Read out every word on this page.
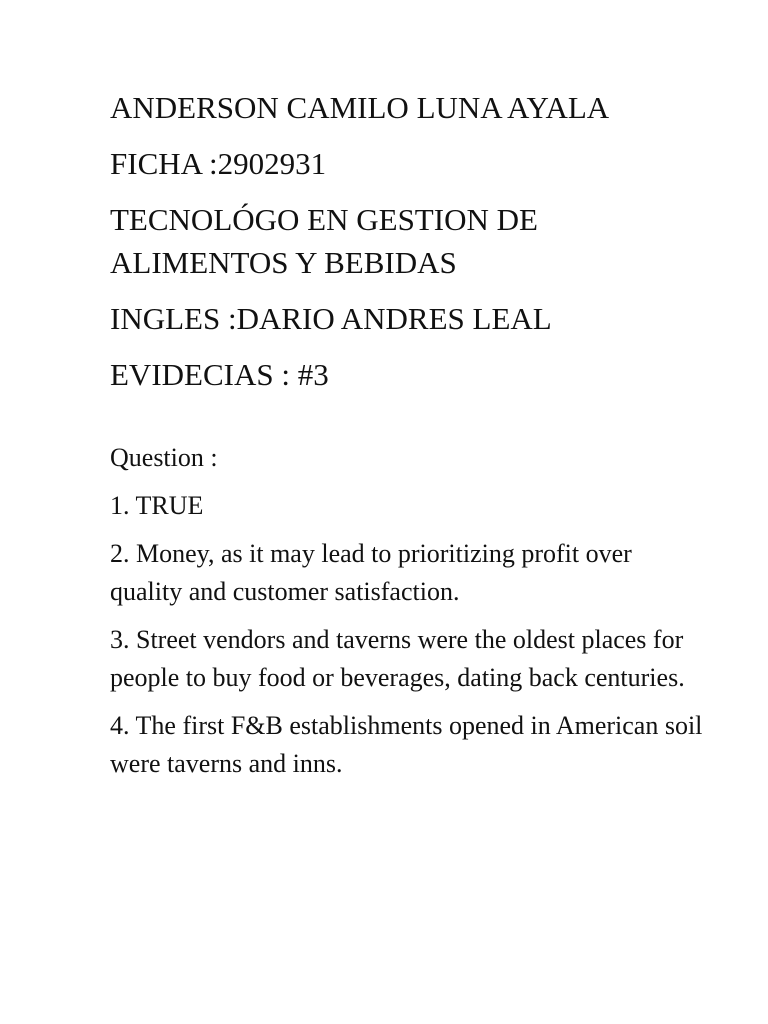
ANDERSON CAMILO LUNA AYALA

FICHA :2902931

TECNOLÓGO EN GESTION DE ALIMENTOS Y BEBIDAS

INGLES :DARIO ANDRES LEAL

EVIDECIAS : #3

Question :

1. TRUE

2. Money, as it may lead to prioritizing profit over quality and customer satisfaction.

3. Street vendors and taverns were the oldest places for people to buy food or beverages, dating back centuries.

4. The first F&B establishments opened in American soil were taverns and inns.
